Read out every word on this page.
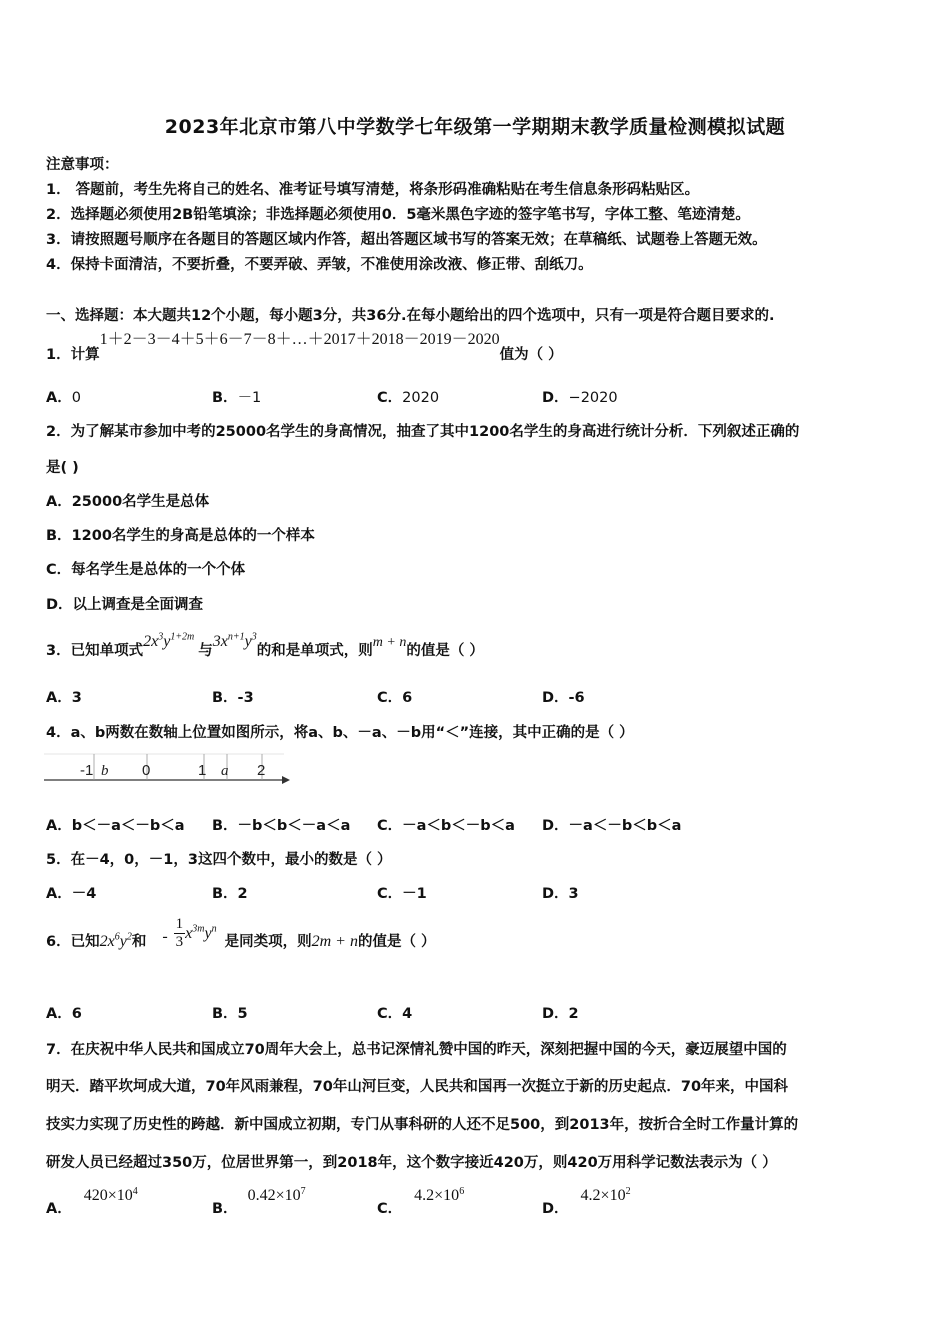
2023年北京市第八中学数学七年级第一学期期末教学质量检测模拟试题
注意事项：
1． 答题前，考生先将自己的姓名、准考证号填写清楚，将条形码准确粘贴在考生信息条形码粘贴区。
2．选择题必须使用2B铅笔填涂；非选择题必须使用0．5毫米黑色字迹的签字笔书写，字体工整、笔迹清楚。
3．请按照题号顺序在各题目的答题区域内作答，超出答题区域书写的答案无效；在草稿纸、试题卷上答题无效。
4．保持卡面清洁，不要折叠，不要弄破、弄皱，不准使用涂改液、修正带、刮纸刀。
一、选择题：本大题共12个小题，每小题3分，共36分.在每小题给出的四个选项中，只有一项是符合题目要求的.
1．计算1＋2－3－4＋5＋6－7－8＋…＋2017＋2018－2019－2020值为（ ）
A．0	B．－1	C．2020	D．−2020
2．为了解某市参加中考的25000名学生的身高情况，抽查了其中1200名学生的身高进行统计分析．下列叙述正确的
是( )
A．25000名学生是总体
B．1200名学生的身高是总体的一个样本
C．每名学生是总体的一个个体
D．以上调查是全面调查
3．已知单项式$2x^3y^{1+2m}$与$3x^{n+1}y^3$的和是单项式，则m + n的值是（ ）
A．3	B．-3	C．6	D．-6
4．a、b两数在数轴上位置如图所示，将a、b、－a、－b用“＜”连接，其中正确的是（ ）
-1 b 0	1 a 2
A．b＜－a＜－b＜a B．－b＜b＜－a＜a C．－a＜b＜－b＜a D．－a＜－b＜b＜a
5．在－4，0，－1，3这四个数中，最小的数是（ ）
A．－4	B．2	C．－1	D．3
6．已知$2x^6y^2$和 - $\frac{1}{3} x^{3m}y^n$是同类项，则2m + n的值是（ ）
A．6	B．5	C．4	D．2
7．在庆祝中华人民共和国成立70周年大会上，总书记深情礼赞中国的昨天，深刻把握中国的今天，豪迈展望中国的
明天．踏平坎坷成大道，70年风雨兼程，70年山河巨变，人民共和国再一次挺立于新的历史起点．70年来，中国科
技实力实现了历史性的跨越．新中国成立初期，专门从事科研的人还不足500，到2013年，按折合全时工作量计算的
研发人员已经超过350万，位居世界第一，到2018年，这个数字接近420万，则420万用科学记数法表示为（ ）
A．$420\times 10^4$
B．$0.42\times 10^7$
C．$4.2\times 10^6$
D．$4.2\times 10^2$
